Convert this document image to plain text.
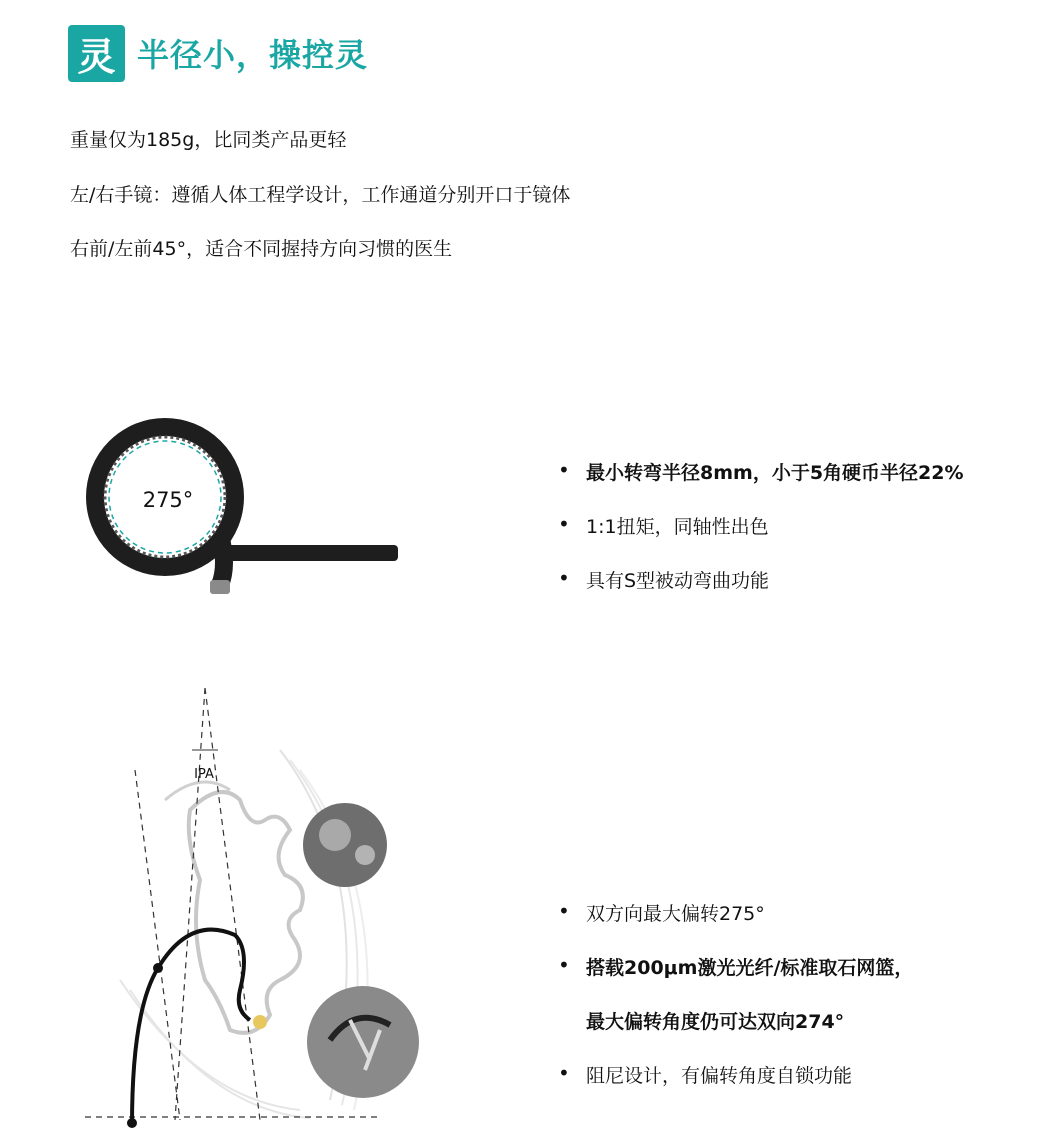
灵 半径小，操控灵
重量仅为185g，比同类产品更轻
左/右手镜：遵循人体工程学设计，工作通道分别开口于镜体
右前/左前45°，适合不同握持方向习惯的医生
275°
• 最小转弯半径8mm，小于5角硬币半径22%
• 1:1扭矩，同轴性出色
• 具有S型被动弯曲功能
IPA
• 双方向最大偏转275°
• 搭载200μm激光光纤/标准取石网篮，
最大偏转角度仍可达双向274°
• 阻尼设计，有偏转角度自锁功能
